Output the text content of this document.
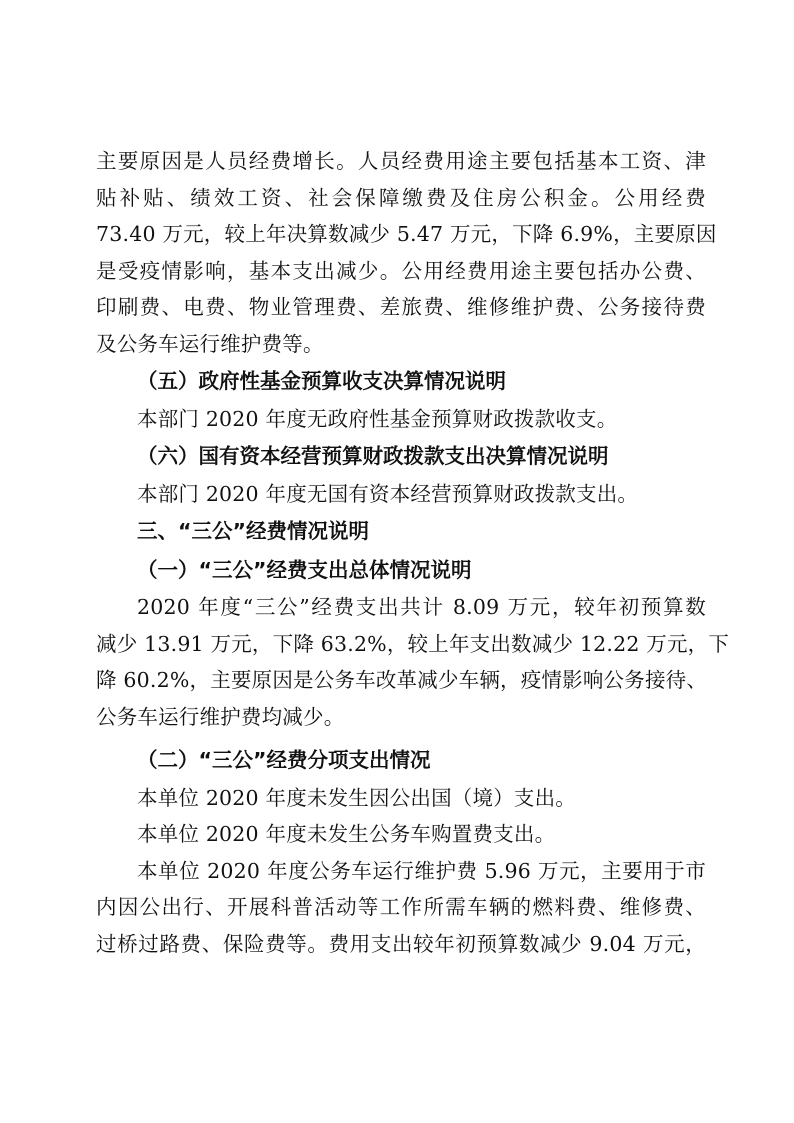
主要原因是人员经费增长。人员经费用途主要包括基本工资、津
贴补贴、绩效工资、社会保障缴费及住房公积金。公用经费
73.40 万元，较上年决算数减少 5.47 万元，下降 6.9%，主要原因
是受疫情影响，基本支出减少。公用经费用途主要包括办公费、
印刷费、电费、物业管理费、差旅费、维修维护费、公务接待费
及公务车运行维护费等。
（五）政府性基金预算收支决算情况说明
本部门 2020 年度无政府性基金预算财政拨款收支。
（六）国有资本经营预算财政拨款支出决算情况说明
本部门 2020 年度无国有资本经营预算财政拨款支出。
三、“三公”经费情况说明
（一）“三公”经费支出总体情况说明
2020 年度“三公”经费支出共计 8.09 万元，较年初预算数
减少 13.91 万元，下降 63.2%，较上年支出数减少 12.22 万元，下
降 60.2%，主要原因是公务车改革减少车辆，疫情影响公务接待、
公务车运行维护费均减少。
（二）“三公”经费分项支出情况
本单位 2020 年度未发生因公出国（境）支出。
本单位 2020 年度未发生公务车购置费支出。
本单位 2020 年度公务车运行维护费 5.96 万元，主要用于市
内因公出行、开展科普活动等工作所需车辆的燃料费、维修费、
过桥过路费、保险费等。费用支出较年初预算数减少 9.04 万元，
